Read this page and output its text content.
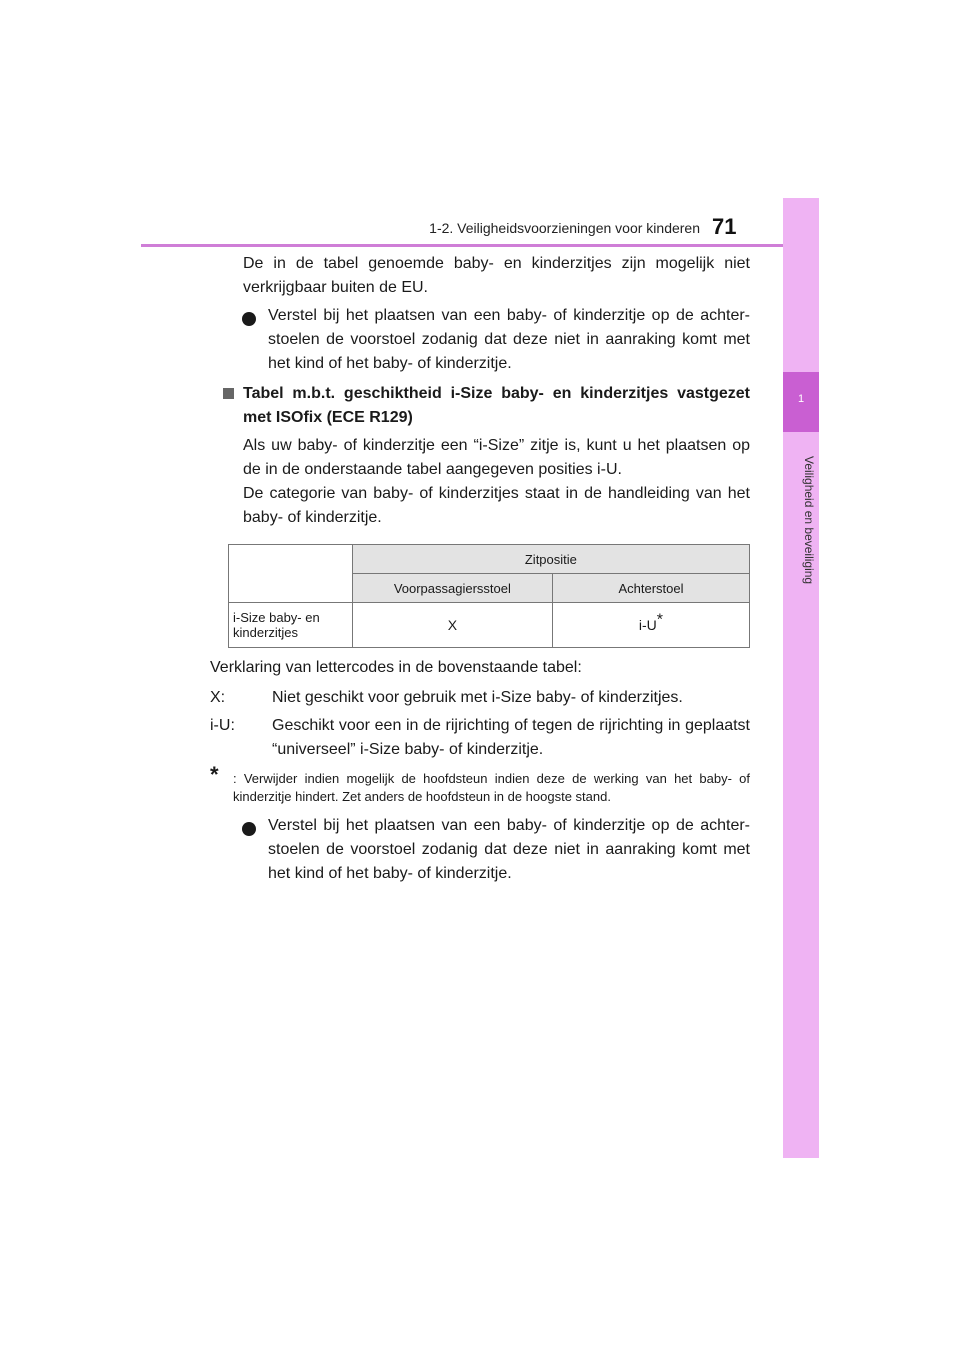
1-2. Veiligheidsvoorzieningen voor kinderen 71
1
Veiligheid en beveiliging

De in de tabel genoemde baby- en kinderzitjes zijn mogelijk niet verkrijgbaar buiten de EU.

Verstel bij het plaatsen van een baby- of kinderzitje op de achter-stoelen de voorstoel zodanig dat deze niet in aanraking komt met het kind of het baby- of kinderzitje.
Tabel m.b.t. geschiktheid i-Size baby- en kinderzitjes vastgezet met ISOfix (ECE R129)

Als uw baby- of kinderzitje een “i-Size” zitje is, kunt u het plaatsen op de in de onderstaande tabel aangegeven posities i-U.

De categorie van baby- of kinderzitjes staat in de handleiding van het baby- of kinderzitje.

	Zitpositie	
	Voorpassagiersstoel	Achterstoel
i-Size baby- en kinderzitjes	X	i-U*

Verklaring van lettercodes in de bovenstaande tabel:

X:	Niet geschikt voor gebruik met i-Size baby- of kinderzitjes.
i-U: Geschikt voor een in de rijrichting of tegen de rijrichting in geplaatst “universeel” i-Size baby- of kinderzitje.
* : Verwijder indien mogelijk de hoofdsteun indien deze de werking van het baby- of kinderzitje hindert. Zet anders de hoofdsteun in de hoogste stand.
Verstel bij het plaatsen van een baby- of kinderzitje op de achter-stoelen de voorstoel zodanig dat deze niet in aanraking komt met het kind of het baby- of kinderzitje.
